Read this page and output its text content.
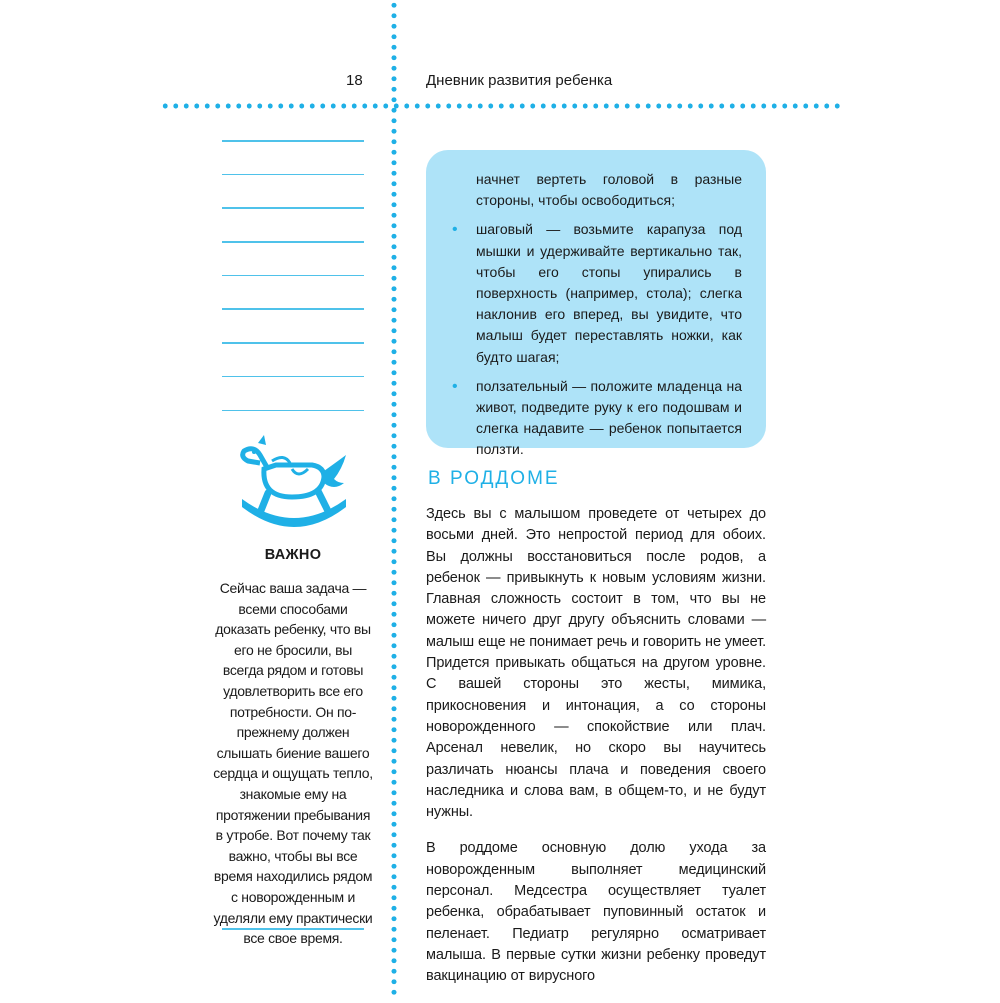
18	Дневник развития ребенка
ВАЖНО
Сейчас ваша задача — всеми способами доказать ребенку, что вы его не бросили, вы всегда рядом и готовы удовлетворить все его потребности. Он по-прежнему должен слышать биение вашего сердца и ощущать тепло, знакомые ему на протяжении пребывания в утробе. Вот почему так важно, чтобы вы все время находились рядом с новорожденным и уделяли ему практически все свое время.

начнет вертеть головой в разные стороны, чтобы освободиться;

• шаговый — возьмите карапуза под мышки и удерживайте вертикально так, чтобы его стопы упирались в поверхность (например, стола); слегка наклонив его вперед, вы увидите, что малыш будет переставлять ножки, как будто шагая;
• ползательный — положите младенца на живот, подведите руку к его подошвам и слегка надавите — ребенок попытается ползти.
В РОДДОМЕ

Здесь вы с малышом проведете от четырех до восьми дней. Это непростой период для обоих. Вы должны восстановиться после родов, а ребенок — привыкнуть к новым условиям жизни. Главная сложность состоит в том, что вы не можете ничего друг другу объяснить словами — малыш еще не понимает речь и говорить не умеет. Придется привыкать общаться на другом уровне. С вашей стороны это жесты, мимика, прикосновения и интонация, а со стороны новорожденного — спокойствие или плач. Арсенал невелик, но скоро вы научитесь различать нюансы плача и поведения своего наследника и слова вам, в общем-то, и не будут нужны.

В роддоме основную долю ухода за новорожденным выполняет медицинский персонал. Медсестра осуществляет туалет ребенка, обрабатывает пуповинный остаток и пеленает. Педиатр регулярно осматривает малыша. В первые сутки жизни ребенку проведут вакцинацию от вирусного
